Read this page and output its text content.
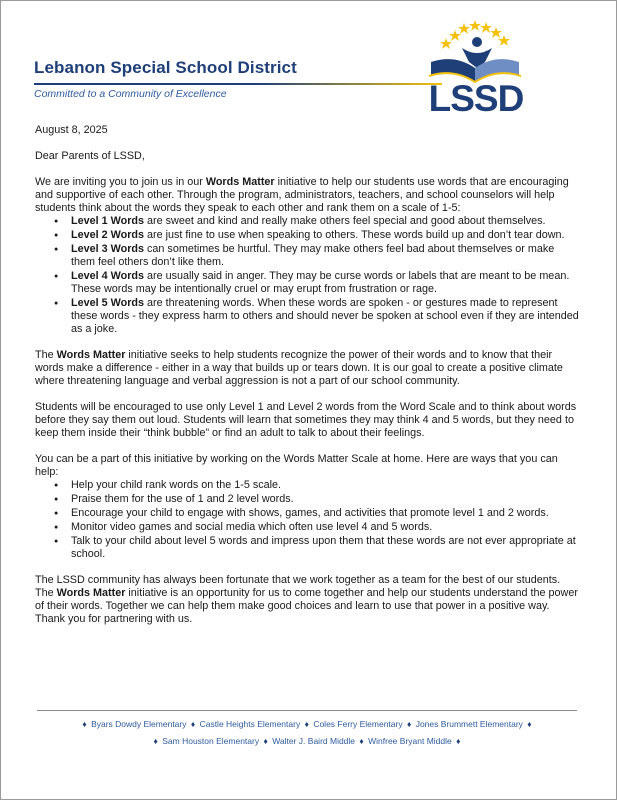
Lebanon Special School District
Committed to a Community of Excellence	LSSD

August 8, 2025

Dear Parents of LSSD,

We are inviting you to join us in our Words Matter initiative to help our students use words that are encouraging and supportive of each other. Through the program, administrators, teachers, and school counselors will help students think about the words they speak to each other and rank them on a scale of 1-5:

● Level 1 Words are sweet and kind and really make others feel special and good about themselves.
● Level 2 Words are just fine to use when speaking to others. These words build up and don’t tear down.
● Level 3 Words can sometimes be hurtful. They may make others feel bad about themselves or make them feel others don’t like them.
● Level 4 Words are usually said in anger. They may be curse words or labels that are meant to be mean. These words may be intentionally cruel or may erupt from frustration or rage.
● Level 5 Words are threatening words. When these words are spoken - or gestures made to represent these words - they express harm to others and should never be spoken at school even if they are intended as a joke.

The Words Matter initiative seeks to help students recognize the power of their words and to know that their words make a difference - either in a way that builds up or tears down. It is our goal to create a positive climate where threatening language and verbal aggression is not a part of our school community.

Students will be encouraged to use only Level 1 and Level 2 words from the Word Scale and to think about words before they say them out loud. Students will learn that sometimes they may think 4 and 5 words, but they need to keep them inside their “think bubble” or find an adult to talk to about their feelings.

You can be a part of this initiative by working on the Words Matter Scale at home. Here are ways that you can help:

● Help your child rank words on the 1-5 scale.
● Praise them for the use of 1 and 2 level words.
● Encourage your child to engage with shows, games, and activities that promote level 1 and 2 words.
● Monitor video games and social media which often use level 4 and 5 words.
● Talk to your child about level 5 words and impress upon them that these words are not ever appropriate at school.

The LSSD community has always been fortunate that we work together as a team for the best of our students. The Words Matter initiative is an opportunity for us to come together and help our students understand the power of their words. Together we can help them make good choices and learn to use that power in a positive way. Thank you for partnering with us.

♦ Byars Dowdy Elementary ♦ Castle Heights Elementary ♦ Coles Ferry Elementary ♦ Jones Brummett Elementary ♦
♦ Sam Houston Elementary ♦ Walter J. Baird Middle ♦ Winfree Bryant Middle ♦
